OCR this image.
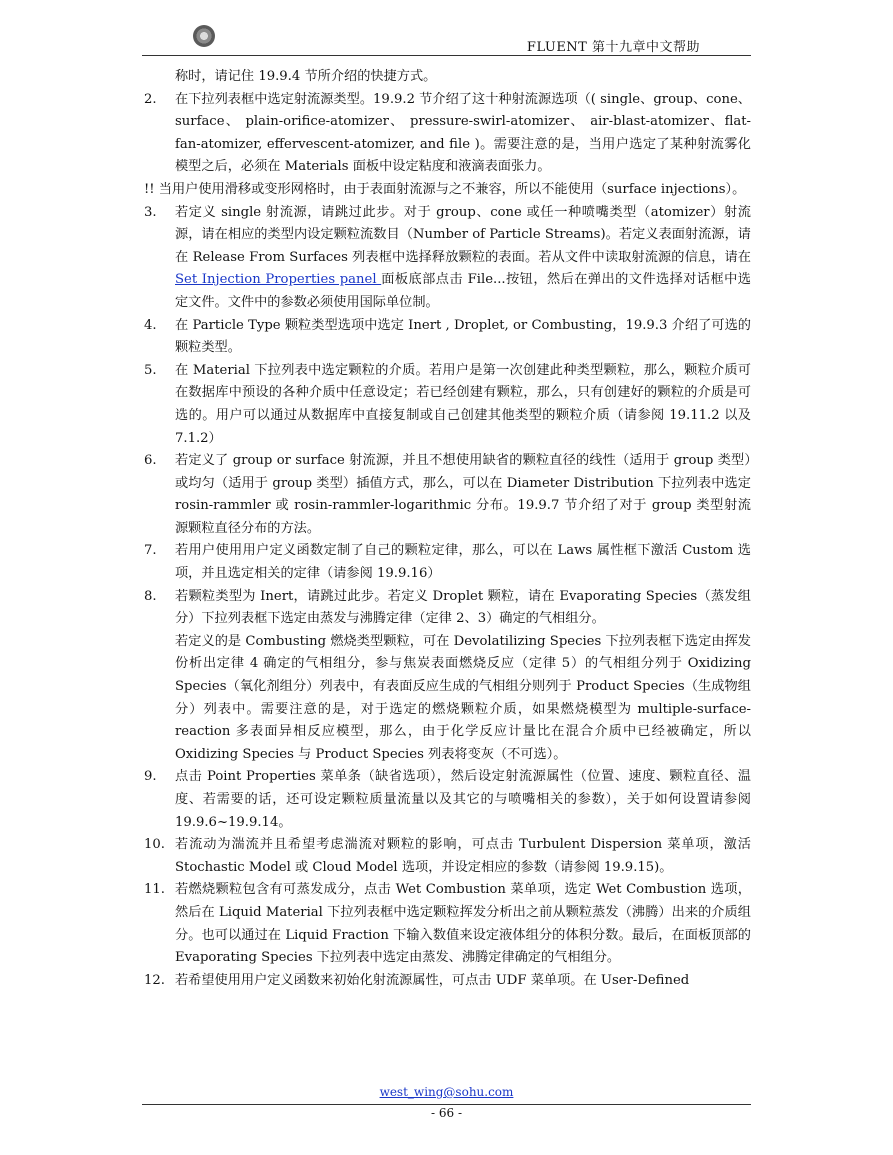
FLUENT 第十九章中文帮助

称时，请记住 19.9.4 节所介绍的快捷方式。

2. 在下拉列表框中选定射流源类型。19.9.2 节介绍了这十种射流源选项（( single、group、cone、 surface、 plain-orifice-atomizer、 pressure-swirl-atomizer、 air-blast-atomizer、flat-fan-atomizer, effervescent-atomizer, and file )。需要注意的是，当用户选定了某种射流雾化模型之后，必须在 Materials 面板中设定粘度和液滴表面张力。

!! 当用户使用滑移或变形网格时，由于表面射流源与之不兼容，所以不能使用（surface injections）。

3. 若定义 single 射流源，请跳过此步。对于 group、cone 或任一种喷嘴类型（atomizer）射流源，请在相应的类型内设定颗粒流数目（Number of Particle Streams)。若定义表面射流源，请在 Release From Surfaces 列表框中选择释放颗粒的表面。若从文件中读取射流源的信息，请在 Set Injection Properties panel 面板底部点击 File...按钮，然后在弹出的文件选择对话框中选定文件。文件中的参数必须使用国际单位制。

4. 在 Particle Type 颗粒类型选项中选定 Inert , Droplet, or Combusting，19.9.3 介绍了可选的颗粒类型。

5. 在 Material 下拉列表中选定颗粒的介质。若用户是第一次创建此种类型颗粒，那么，颗粒介质可在数据库中预设的各种介质中任意设定；若已经创建有颗粒，那么，只有创建好的颗粒的介质是可选的。用户可以通过从数据库中直接复制或自己创建其他类型的颗粒介质（请参阅 19.11.2 以及 7.1.2）

6. 若定义了 group or surface 射流源，并且不想使用缺省的颗粒直径的线性（适用于 group 类型）或均匀（适用于 group 类型）插值方式，那么，可以在 Diameter Distribution 下拉列表中选定 rosin-rammler 或 rosin-rammler-logarithmic 分布。19.9.7 节介绍了对于 group 类型射流源颗粒直径分布的方法。

7. 若用户使用用户定义函数定制了自己的颗粒定律，那么，可以在 Laws 属性框下激活 Custom 选项，并且选定相关的定律（请参阅 19.9.16）

8. 若颗粒类型为 Inert，请跳过此步。若定义 Droplet 颗粒，请在 Evaporating Species（蒸发组分）下拉列表框下选定由蒸发与沸腾定律（定律 2、3）确定的气相组分。

若定义的是 Combusting 燃烧类型颗粒，可在 Devolatilizing Species 下拉列表框下选定由挥发份析出定律 4 确定的气相组分，参与焦炭表面燃烧反应（定律 5）的气相组分列于 Oxidizing Species（氧化剂组分）列表中，有表面反应生成的气相组分则列于 Product Species（生成物组分）列表中。需要注意的是，对于选定的燃烧颗粒介质，如果燃烧模型为 multiple-surface-reaction 多表面异相反应模型，那么，由于化学反应计量比在混合介质中已经被确定，所以 Oxidizing Species 与 Product Species 列表将变灰（不可选）。

9. 点击 Point Properties 菜单条（缺省选项），然后设定射流源属性（位置、速度、颗粒直径、温度、若需要的话，还可设定颗粒质量流量以及其它的与喷嘴相关的参数），关于如何设置请参阅 19.9.6~19.9.14。

10. 若流动为湍流并且希望考虑湍流对颗粒的影响，可点击 Turbulent Dispersion 菜单项，激活 Stochastic Model 或 Cloud Model 选项，并设定相应的参数（请参阅 19.9.15)。

11. 若燃烧颗粒包含有可蒸发成分，点击 Wet Combustion 菜单项，选定 Wet Combustion 选项，然后在 Liquid Material 下拉列表框中选定颗粒挥发分析出之前从颗粒蒸发（沸腾）出来的介质组分。也可以通过在 Liquid Fraction 下输入数值来设定液体组分的体积分数。最后，在面板顶部的 Evaporating Species 下拉列表中选定由蒸发、沸腾定律确定的气相组分。

12. 若希望使用用户定义函数来初始化射流源属性，可点击 UDF 菜单项。在 User-Defined

west_wing@sohu.com
- 66 -
